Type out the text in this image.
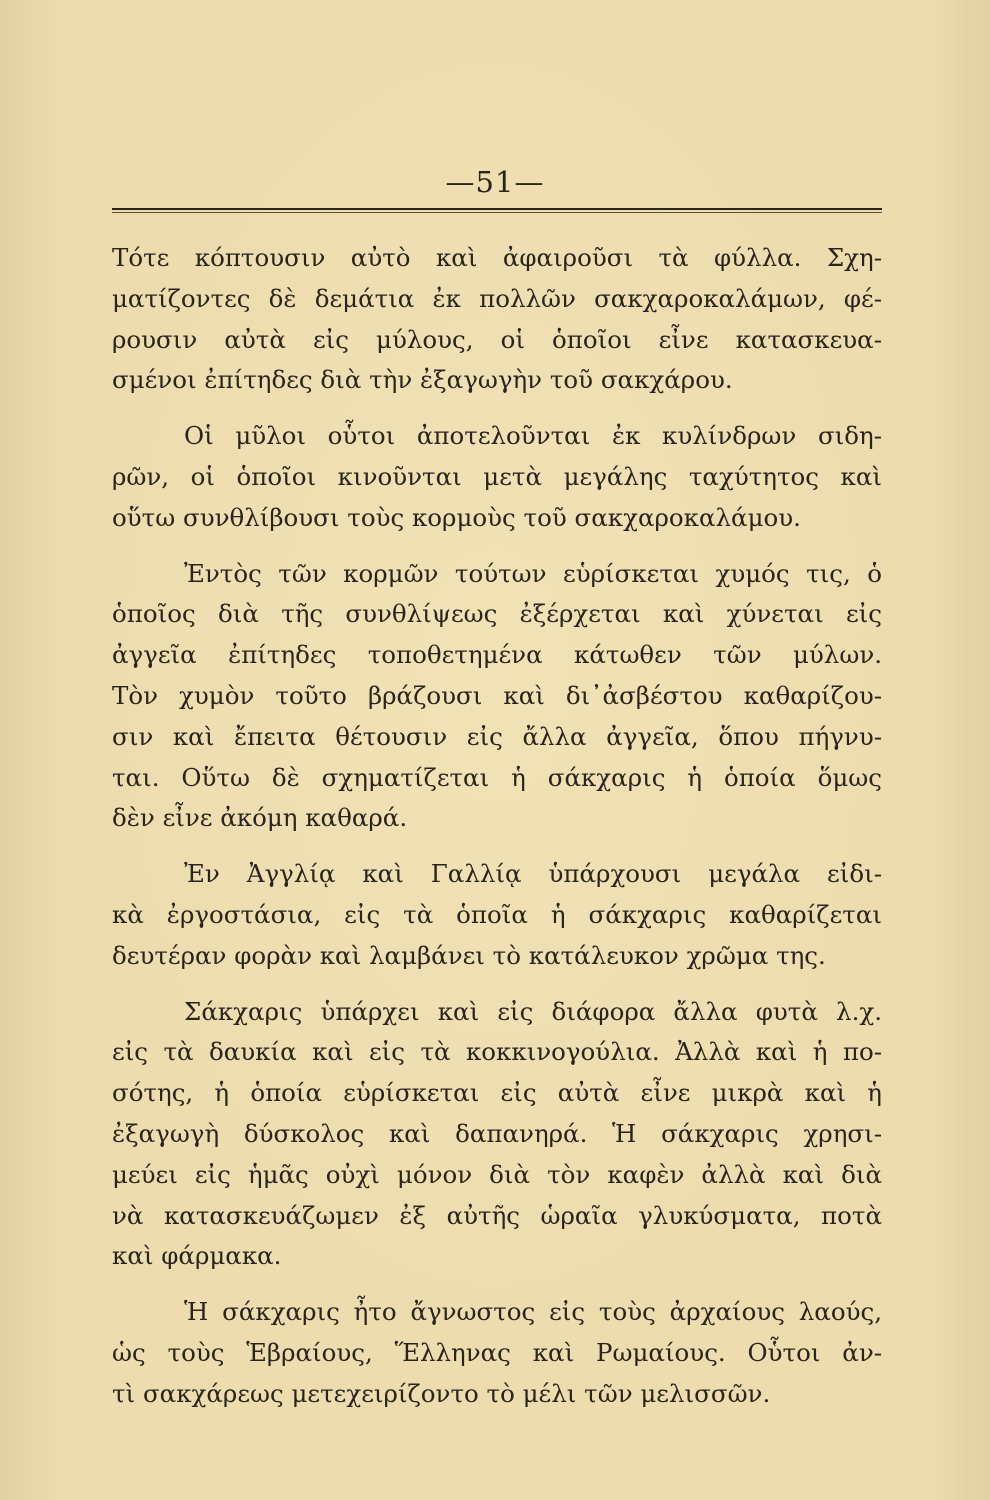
—51—
Τότε κόπτουσιν αὐτὸ καὶ ἀφαιροῦσι τὰ φύλλα. Σχη-
ματίζοντες δὲ δεμάτια ἐκ πολλῶν σακχαροκαλάμων, φέ-
ρουσιν αὐτὰ εἰς μύλους, οἱ ὁποῖοι εἶνε κατασκευα-
σμένοι ἐπίτηδες διὰ τὴν ἐξαγωγὴν τοῦ σακχάρου.
Οἱ μῦλοι οὗτοι ἀποτελοῦνται ἐκ κυλίνδρων σιδη-
ρῶν, οἱ ὁποῖοι κινοῦνται μετὰ μεγάλης ταχύτητος καὶ
οὕτω συνθλίβουσι τοὺς κορμοὺς τοῦ σακχαροκαλάμου.
Ἐντὸς τῶν κορμῶν τούτων εὑρίσκεται χυμός τις, ὁ
ὁποῖος διὰ τῆς συνθλίψεως ἐξέρχεται καὶ χύνεται εἰς
ἀγγεῖα ἐπίτηδες τοποθετημένα κάτωθεν τῶν μύλων.
Τὸν χυμὸν τοῦτο βράζουσι καὶ δι᾽ἀσβέστου καθαρίζου-
σιν καὶ ἔπειτα θέτουσιν εἰς ἄλλα ἀγγεῖα, ὅπου πήγνυ-
ται. Οὕτω δὲ σχηματίζεται ἡ σάκχαρις ἡ ὁποία ὅμως
δὲν εἶνε ἀκόμη καθαρά.
Ἐν Ἀγγλίᾳ καὶ Γαλλίᾳ ὑπάρχουσι μεγάλα εἰδι-
κὰ ἐργοστάσια, εἰς τὰ ὁποῖα ἡ σάκχαρις καθαρίζεται
δευτέραν φορὰν καὶ λαμβάνει τὸ κατάλευκον χρῶμα της.
Σάκχαρις ὑπάρχει καὶ εἰς διάφορα ἄλλα φυτὰ λ.χ.
εἰς τὰ δαυκία καὶ εἰς τὰ κοκκινογούλια. Ἀλλὰ καὶ ἡ πο-
σότης, ἡ ὁποία εὑρίσκεται εἰς αὐτὰ εἶνε μικρὰ καὶ ἡ
ἐξαγωγὴ δύσκολος καὶ δαπανηρά. Ἡ σάκχαρις χρησι-
μεύει εἰς ἡμᾶς οὐχὶ μόνον διὰ τὸν καφὲν ἀλλὰ καὶ διὰ
νὰ κατασκευάζωμεν ἐξ αὐτῆς ὡραῖα γλυκύσματα, ποτὰ
καὶ φάρμακα.
Ἡ σάκχαρις ἦτο ἄγνωστος εἰς τοὺς ἀρχαίους λαούς,
ὡς τοὺς Ἑβραίους, Ἕλληνας καὶ Ρωμαίους. Οὗτοι ἀν-
τὶ σακχάρεως μετεχειρίζοντο τὸ μέλι τῶν μελισσῶν.
